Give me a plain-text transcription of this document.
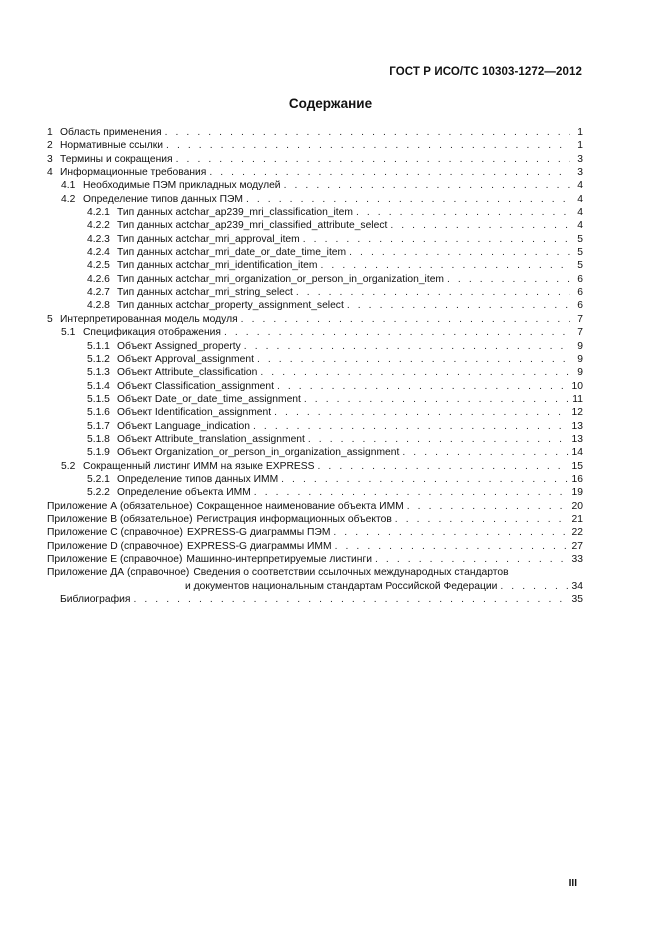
ГОСТ Р ИСО/ТС 10303-1272—2012
Содержание
1 Область применения . . .	1
2 Нормативные ссылки . . .	1
3 Термины и сокращения . . .	3
4 Информационные требования . . .	3
4.1 Необходимые ПЭМ прикладных модулей . . .	4
4.2 Определение типов данных ПЭМ . . .	4
4.2.1 Тип данных actchar_ap239_mri_classification_item . . .	4
4.2.2 Тип данных actchar_ap239_mri_classified_attribute_select . . .	4
4.2.3 Тип данных actchar_mri_approval_item . . .	5
4.2.4 Тип данных actchar_mri_date_or_date_time_item . . .	5
4.2.5 Тип данных actchar_mri_identification_item . . .	5
4.2.6 Тип данных actchar_mri_organization_or_person_in_organization_item . . .	6
4.2.7 Тип данных actchar_mri_string_select . . .	6
4.2.8 Тип данных actchar_property_assignment_select . . .	6
5 Интерпретированная модель модуля . . .	7
5.1 Спецификация отображения . . .	7
5.1.1 Объект Assigned_property . . .	9
5.1.2 Объект Approval_assignment . . .	9
5.1.3 Объект Attribute_classification . . .	9
5.1.4 Объект Classification_assignment . . .	10
5.1.5 Объект Date_or_date_time_assignment . . .	11
5.1.6 Объект Identification_assignment . . .	12
5.1.7 Объект Language_indication . . .	13
5.1.8 Объект Attribute_translation_assignment . . .	13
5.1.9 Объект Organization_or_person_in_organization_assignment . . .	14
5.2 Сокращенный листинг ИММ на языке EXPRESS . . .	15
5.2.1 Определение типов данных ИММ . . .	16
5.2.2 Определение объекта ИММ . . .	19
Приложение А (обязательное) Сокращенное наименование объекта ИММ . . .	20
Приложение В (обязательное) Регистрация информационных объектов . . .	21
Приложение С (справочное) EXPRESS-G диаграммы ПЭМ . . .	22
Приложение D (справочное) EXPRESS-G диаграммы ИММ . . .	27
Приложение Е (справочное) Машинно-интерпретируемые листинги . . .	33
Приложение ДА (справочное) Сведения о соответствии ссылочных международных стандартов
и документов национальным стандартам Российской Федерации . . .	34
Библиография . . .	35
III
